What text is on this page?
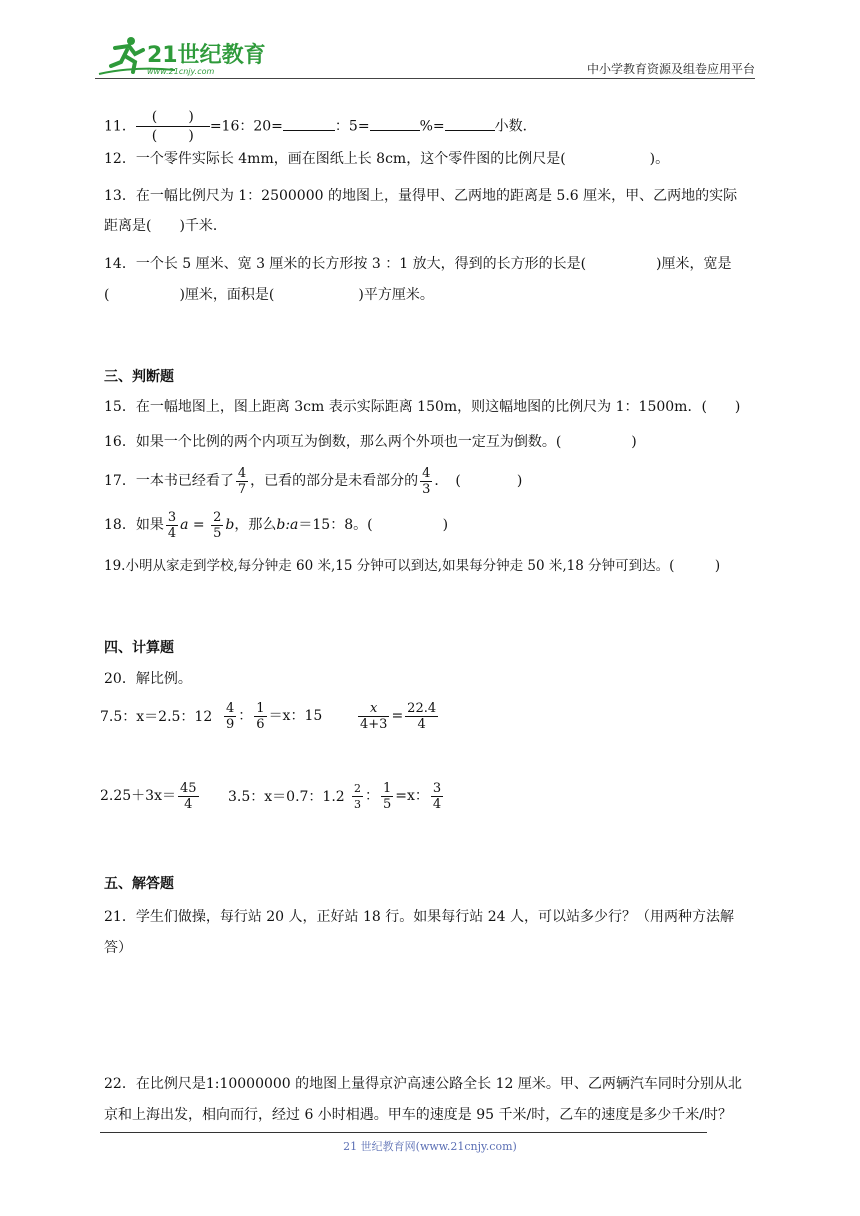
21世纪教育
www.21cnjy.com	中小学教育资源及组卷应用平台
11．
( )
( )
=16：20=	：5=	%=	小数．
12．一个零件实际长 4mm，画在图纸上长 8cm，这个零件图的比例尺是(　　　　　　)。
13．在一幅比例尺为 1：2500000 的地图上，量得甲、乙两地的距离是 5.6 厘米，甲、乙两地的实际
距离是(　　)千米．
14．一个长 5 厘米、宽 3 厘米的长方形按 3 ：1 放大，得到的长方形的长是(　　　　　)厘米，宽是
(　　　　　)厘米，面积是(　　　　　　)平方厘米。
三、判断题
15．在一幅地图上，图上距离 3cm 表示实际距离 150m，则这幅地图的比例尺为 1：1500m．(　　)
16．如果一个比例的两个内项互为倒数，那么两个外项也一定互为倒数。(　　　　　)
17．一本书已经看了 $\frac{4}{7}$ ，已看的部分是未看部分的 $\frac{4}{3}$ ．　(　　　　)
18．如果 $\frac{3}{4}$ $a = \frac{2}{5}$ b，那么b:a＝15：8。(　　　　　)
19.小明从家走到学校,每分钟走 60 米,15 分钟可以到达,如果每分钟走 50 米,18 分钟可到达。(　　　)
四、计算题
20．解比例。
7.5：x＝2.5：$12 \frac{4}{9}$ ： $\frac{1}{6} =x$：15	$\frac{x}{4+3} = \frac{22.4}{4}$
$2.25+3x= \frac{45}{4} 3.5$：x＝0.7：$1.2 \frac{2}{3}$ ： $\frac{1}{5} =x$： $\frac{3}{4}$
五、解答题
21．学生们做操，每行站 20 人，正好站 18 行。如果每行站 24 人，可以站多少行？（用两种方法解
答）
22．在比例尺是1:10000000 的地图上量得京沪高速公路全长 12 厘米。甲、乙两辆汽车同时分别从北
京和上海出发，相向而行，经过 6 小时相遇。甲车的速度是 95 千米/时，乙车的速度是多少千米/时？
21 世纪教育网(www.21cnjy.com)
